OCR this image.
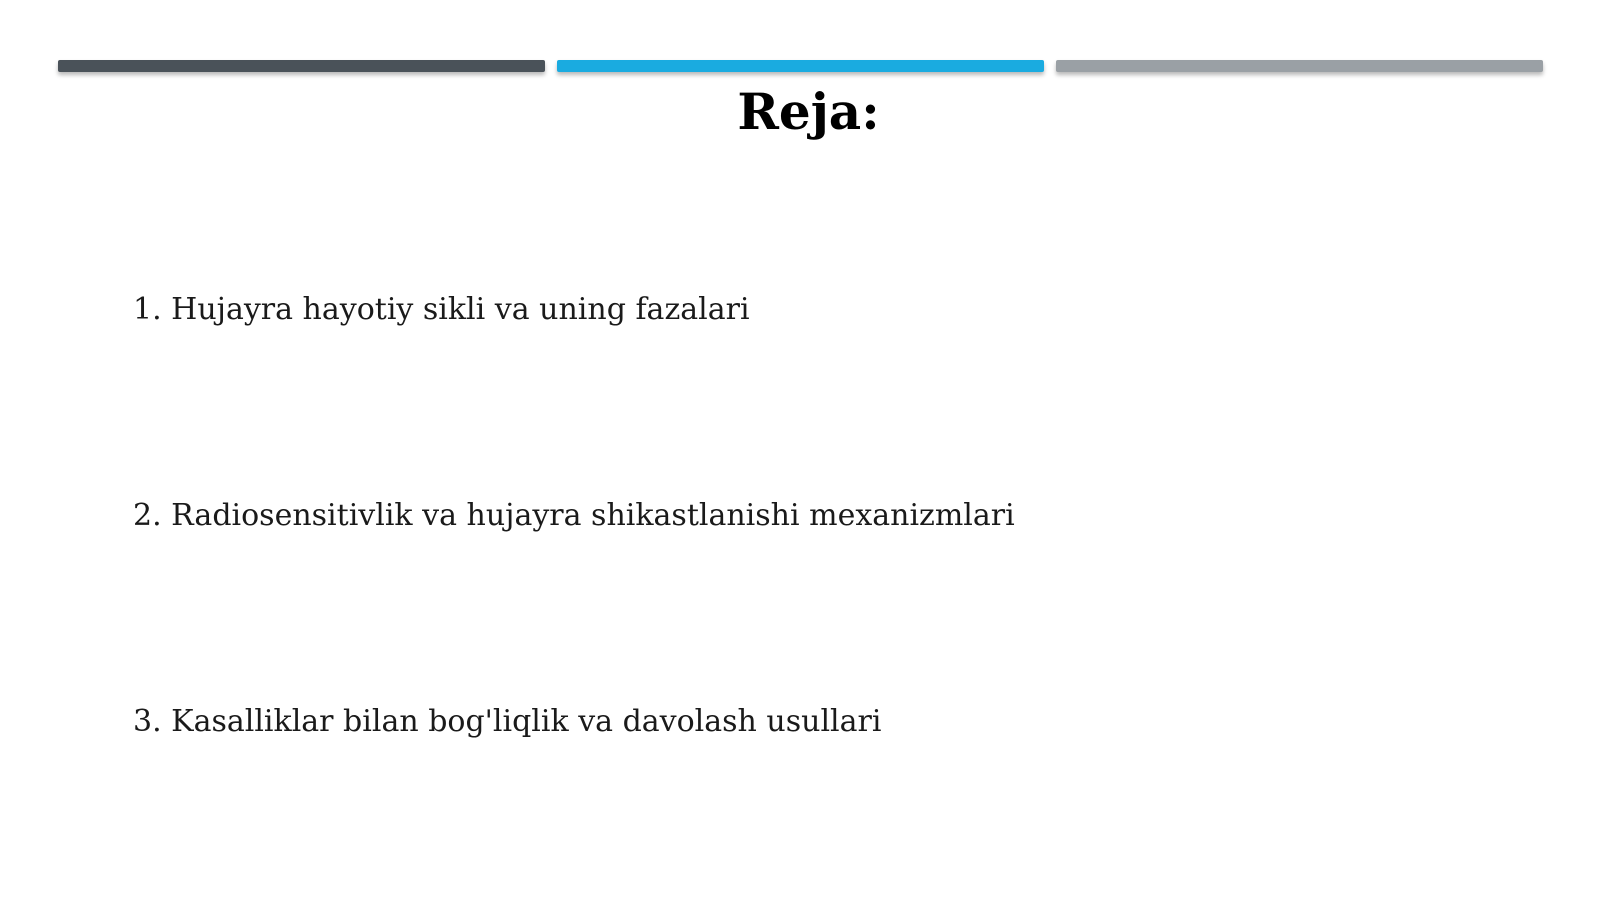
Reja:
1. Hujayra hayotiy sikli va uning fazalari
2. Radiosensitivlik va hujayra shikastlanishi mexanizmlari
3. Kasalliklar bilan bog'liqlik va davolash usullari
